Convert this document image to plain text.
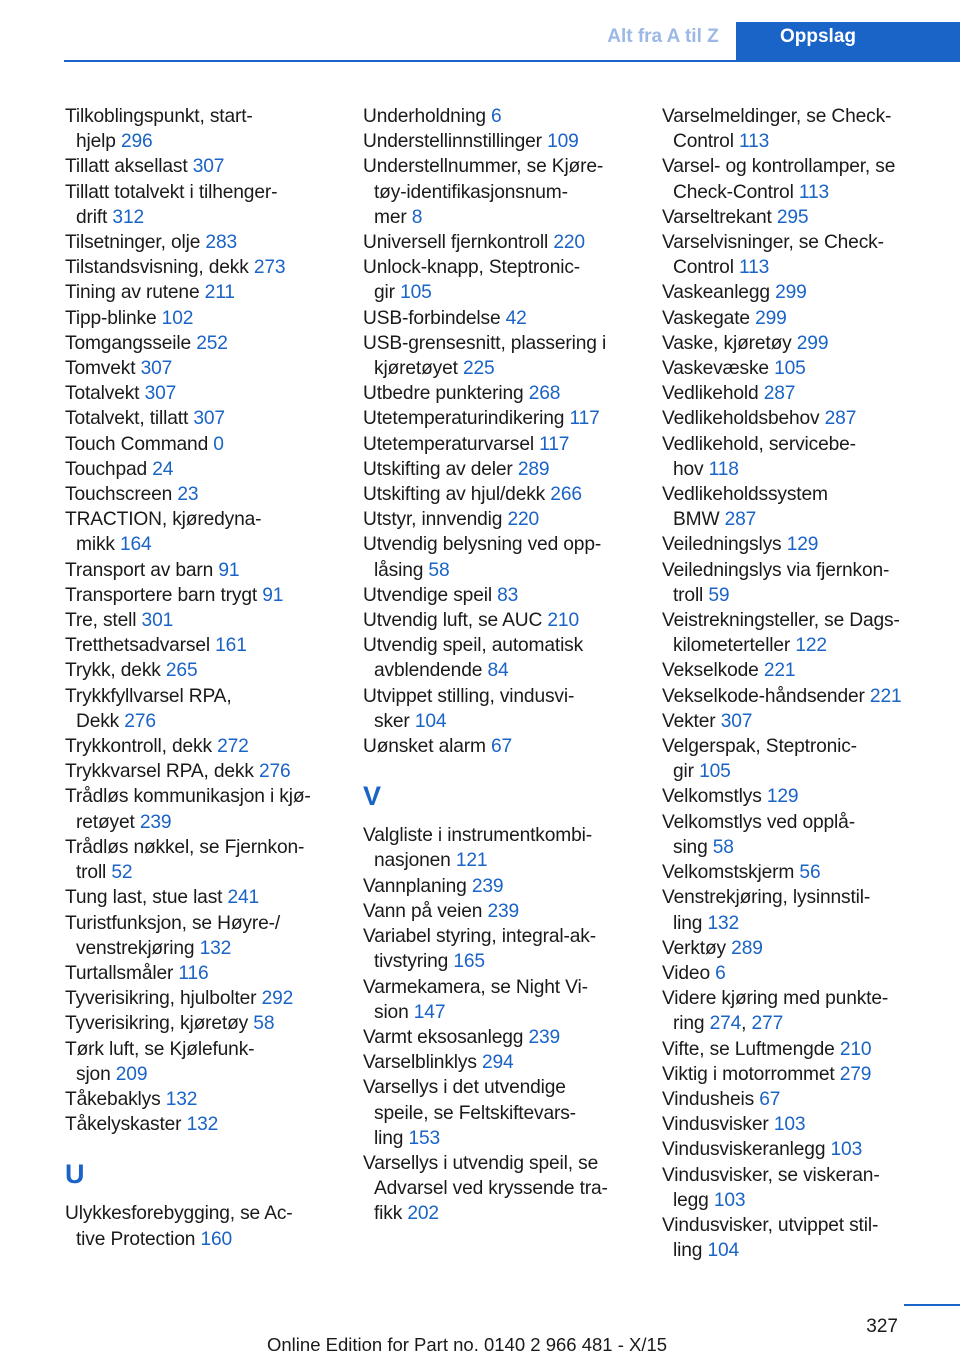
Alt fra A til Z	Oppslag
Tilkoblingspunkt, start-
hjelp 296
Tillatt aksellast 307
Tillatt totalvekt i tilhenger-
drift 312
Tilsetninger, olje 283
Tilstandsvisning, dekk 273
Tining av rutene 211
Tipp-blinke 102
Tomgangsseile 252
Tomvekt 307
Totalvekt 307
Totalvekt, tillatt 307
Touch Command 0
Touchpad 24
Touchscreen 23
TRACTION, kjøredyna-
mikk 164
Transport av barn 91
Transportere barn trygt 91
Tre, stell 301
Tretthetsadvarsel 161
Trykk, dekk 265
Trykkfyllvarsel RPA,
Dekk 276
Trykkontroll, dekk 272
Trykkvarsel RPA, dekk 276
Trådløs kommunikasjon i kjø-
retøyet 239
Trådløs nøkkel, se Fjernkon-
troll 52
Tung last, stue last 241
Turistfunksjon, se Høyre-/
venstrekjøring 132
Turtallsmåler 116
Tyverisikring, hjulbolter 292
Tyverisikring, kjøretøy 58
Tørk luft, se Kjølefunk-
sjon 209
Tåkebaklys 132
Tåkelyskaster 132
U
Ulykkesforebygging, se Ac-
tive Protection 160
Underholdning 6
Understellinnstillinger 109
Understellnummer, se Kjøre-
tøy-identifikasjonsnum-
mer 8
Universell fjernkontroll 220
Unlock-knapp, Steptronic-
gir 105
USB-forbindelse 42
USB-grensesnitt, plassering i
kjøretøyet 225
Utbedre punktering 268
Utetemperaturindikering 117
Utetemperaturvarsel 117
Utskifting av deler 289
Utskifting av hjul/dekk 266
Utstyr, innvendig 220
Utvendig belysning ved opp-
låsing 58
Utvendige speil 83
Utvendig luft, se AUC 210
Utvendig speil, automatisk
avblendende 84
Utvippet stilling, vindusvi-
sker 104
Uønsket alarm 67
V
Valgliste i instrumentkombi-
nasjonen 121
Vannplaning 239
Vann på veien 239
Variabel styring, integral-ak-
tivstyring 165
Varmekamera, se Night Vi-
sion 147
Varmt eksosanlegg 239
Varselblinklys 294
Varsellys i det utvendige
speile, se Feltskiftevars-
ling 153
Varsellys i utvendig speil, se
Advarsel ved kryssende tra-
fikk 202
Varselmeldinger, se Check-
Control 113
Varsel- og kontrollamper, se
Check-Control 113
Varseltrekant 295
Varselvisninger, se Check-
Control 113
Vaskeanlegg 299
Vaskegate 299
Vaske, kjøretøy 299
Vaskevæske 105
Vedlikehold 287
Vedlikeholdsbehov 287
Vedlikehold, servicebe-
hov 118
Vedlikeholdssystem
BMW 287
Veiledningslys 129
Veiledningslys via fjernkon-
troll 59
Veistrekningsteller, se Dags-
kilometerteller 122
Vekselkode 221
Vekselkode-håndsender 221
Vekter 307
Velgerspak, Steptronic-
gir 105
Velkomstlys 129
Velkomstlys ved opplå-
sing 58
Velkomstskjerm 56
Venstrekjøring, lysinnstil-
ling 132
Verktøy 289
Video 6
Videre kjøring med punkte-
ring 274, 277
Vifte, se Luftmengde 210
Viktig i motorrommet 279
Vindusheis 67
Vindusvisker 103
Vindusviskeranlegg 103
Vindusvisker, se viskeran-
legg 103
Vindusvisker, utvippet stil-
ling 104
327
Online Edition for Part no. 0140 2 966 481 - X/15
